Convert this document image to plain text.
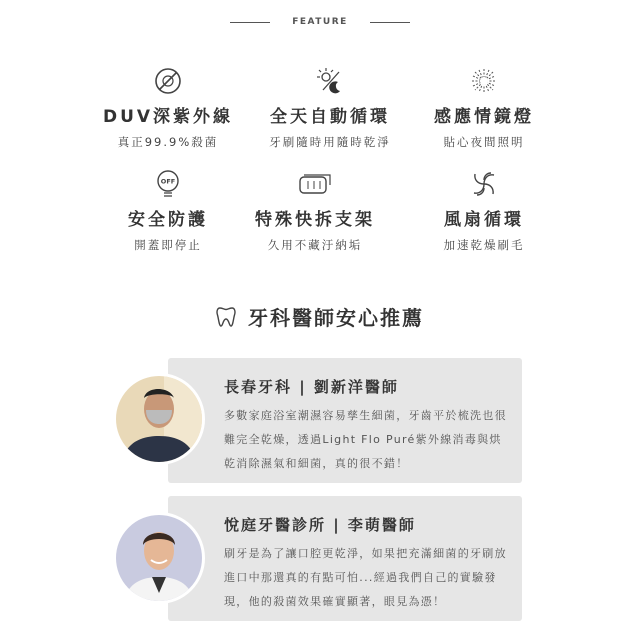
FEATURE
DUV深紫外線
真正99.9%殺菌
全天自動循環
牙刷隨時用隨時乾淨
感應情鏡燈
貼心夜間照明
OFF
安全防護
開蓋即停止
特殊快拆支架
久用不藏汙納垢
風扇循環
加速乾燥刷毛
牙科醫師安心推薦
長春牙科 | 劉新洋醫師
多數家庭浴室潮濕容易孳生細菌，牙齒平於梳洗也很難完全乾燥，透過Light Flo Puré紫外線消毒與烘乾消除濕氣和細菌，真的很不錯！
悅庭牙醫診所 | 李萌醫師
刷牙是為了讓口腔更乾淨，如果把充滿細菌的牙刷放進口中那還真的有點可怕...經過我們自己的實驗發現，他的殺菌效果確實顯著，眼見為憑！
